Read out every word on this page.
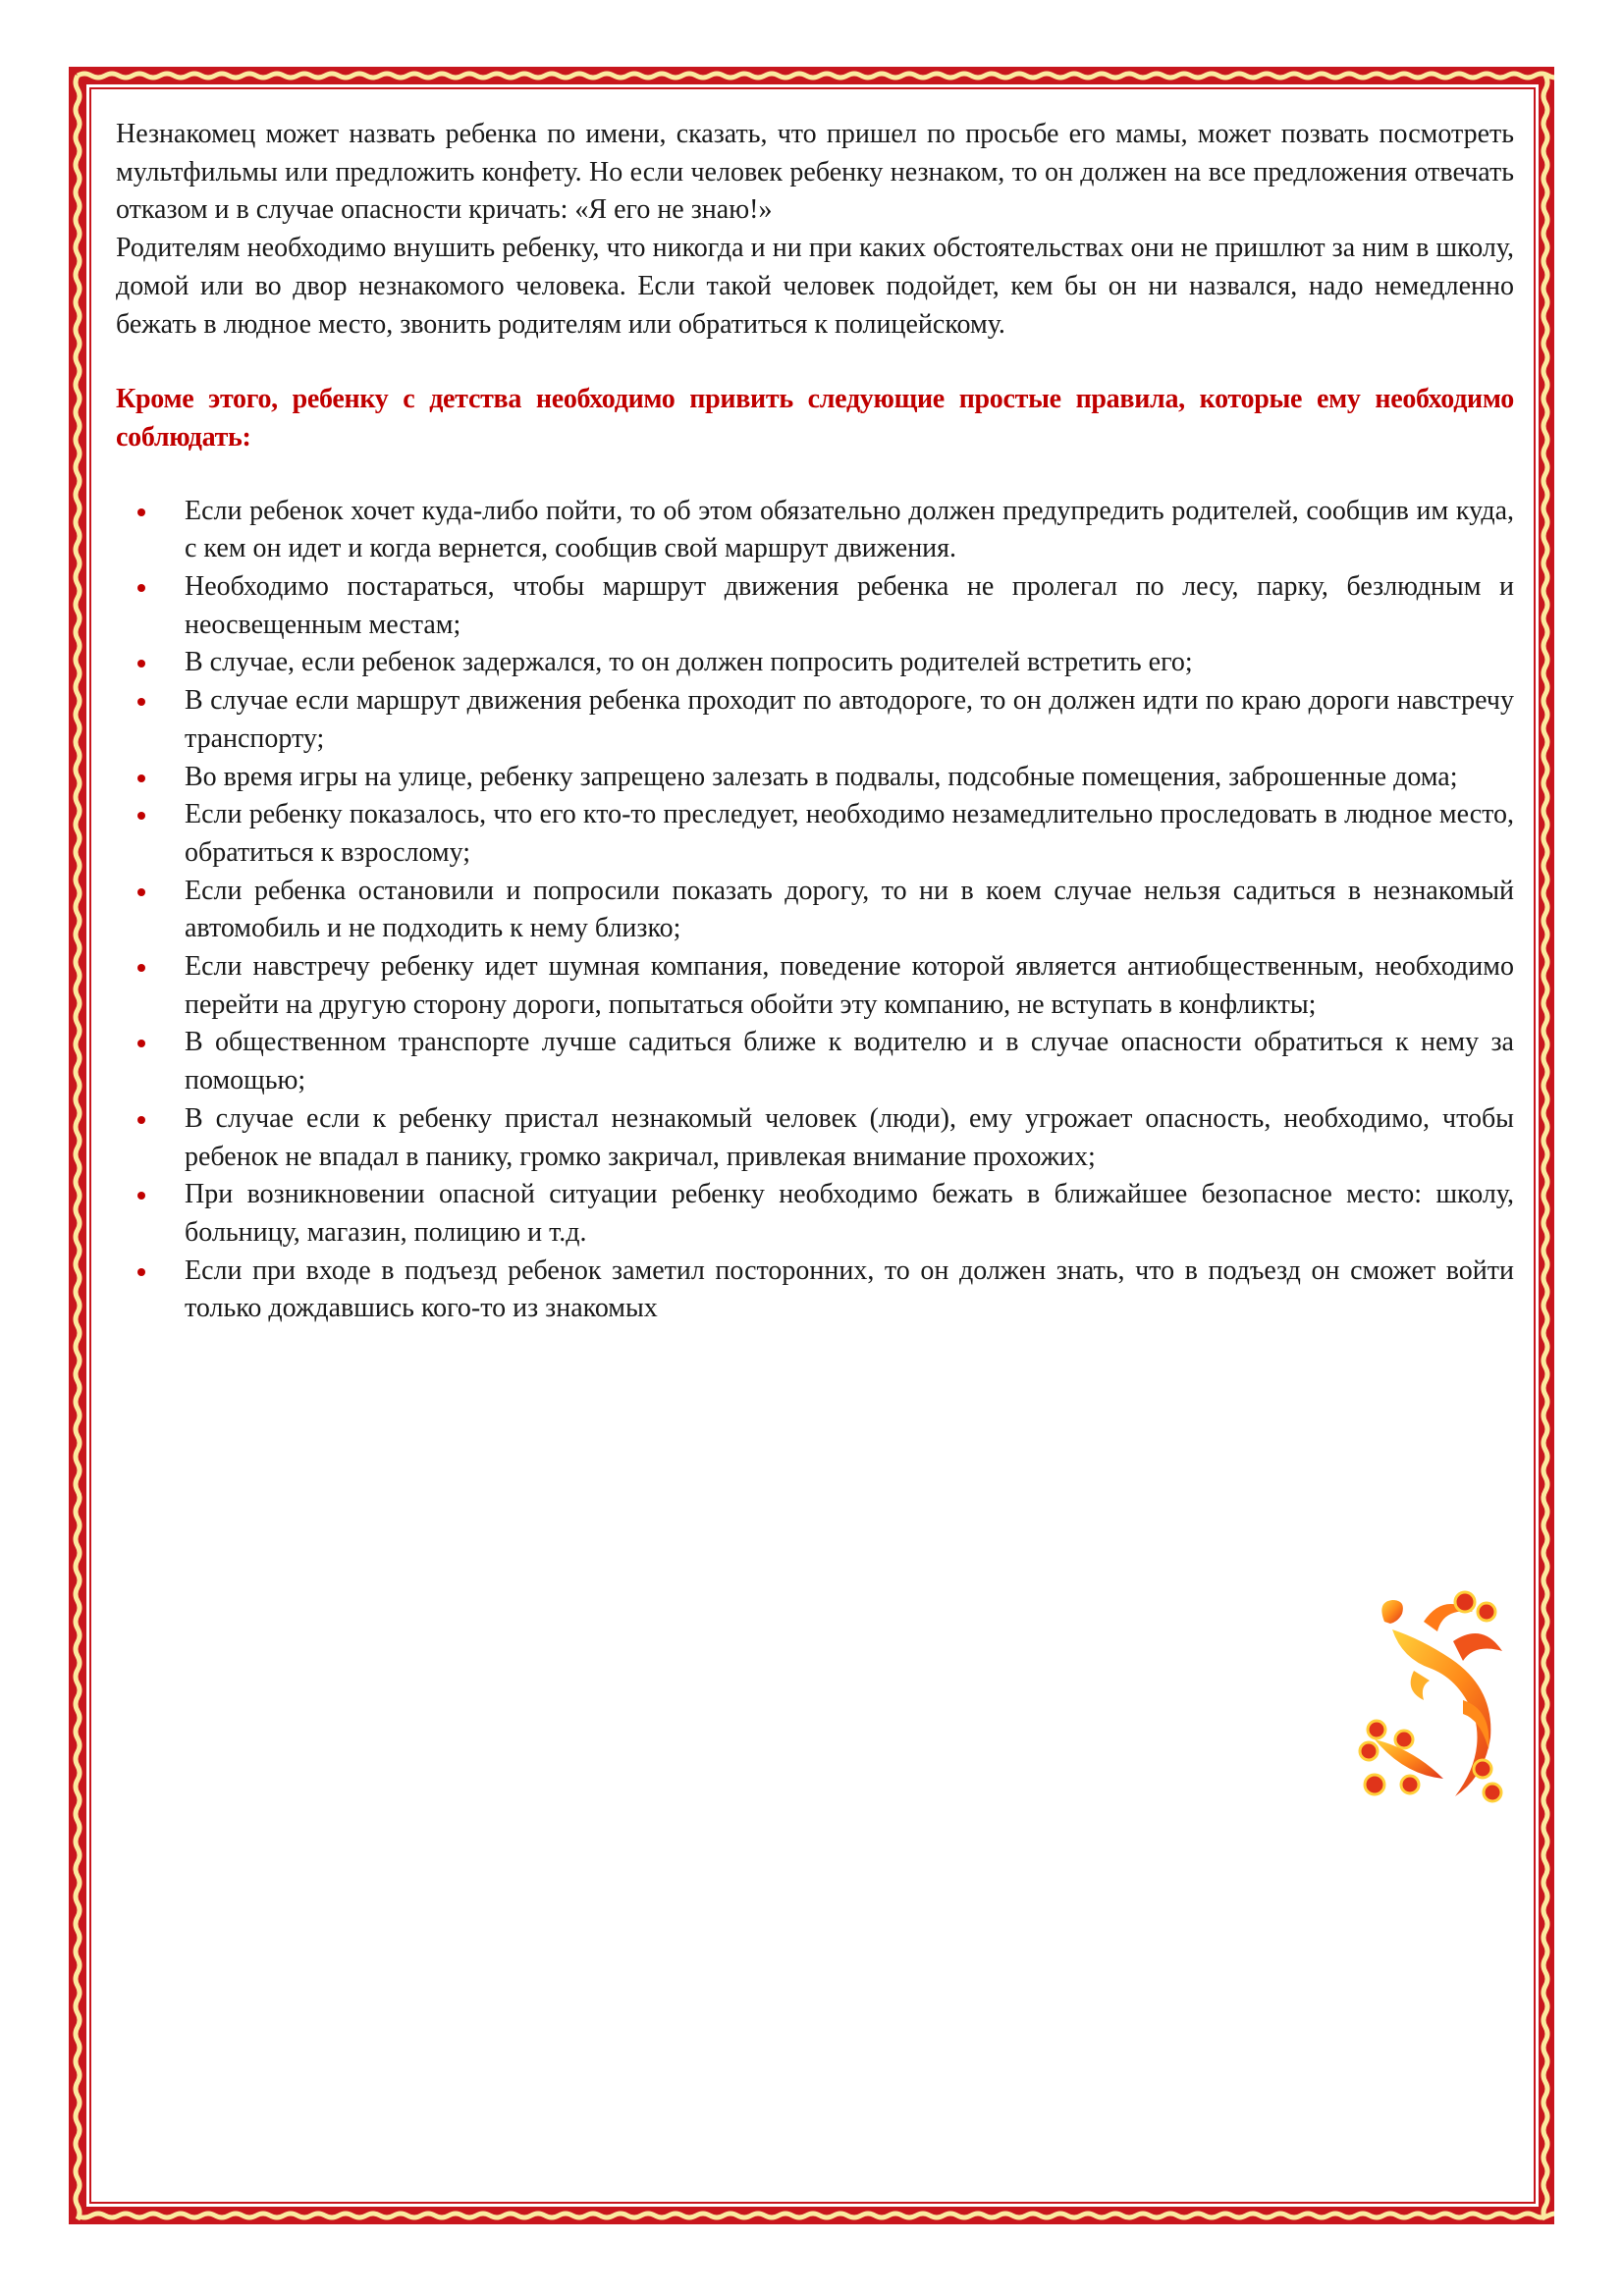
Незнакомец может назвать ребенка по имени, сказать, что пришел по просьбе его мамы, может позвать посмотреть мультфильмы или предложить конфету. Но если человек ребенку незнаком, то он должен на все предложения отвечать отказом и в случае опасности кричать: «Я его не знаю!»

Родителям необходимо внушить ребенку, что никогда и ни при каких обстоятельствах они не пришлют за ним в школу, домой или во двор незнакомого человека. Если такой человек подойдет, кем бы он ни назвался, надо немедленно бежать в людное место, звонить родителям или обратиться к полицейскому.

Кроме этого, ребенку с детства необходимо привить следующие простые правила, которые ему необходимо соблюдать:

Если ребенок хочет куда-либо пойти, то об этом обязательно должен предупредить родителей, сообщив им куда, с кем он идет и когда вернется, сообщив свой маршрут движения.
Необходимо постараться, чтобы маршрут движения ребенка не пролегал по лесу, парку, безлюдным и неосвещенным местам;
В случае, если ребенок задержался, то он должен попросить родителей встретить его;
В случае если маршрут движения ребенка проходит по автодороге, то он должен идти по краю дороги навстречу транспорту;
Во время игры на улице, ребенку запрещено залезать в подвалы, подсобные помещения, заброшенные дома;
Если ребенку показалось, что его кто-то преследует, необходимо незамедлительно проследовать в людное место, обратиться к взрослому;
Если ребенка остановили и попросили показать дорогу, то ни в коем случае нельзя садиться в незнакомый автомобиль и не подходить к нему близко;
Если навстречу ребенку идет шумная компания, поведение которой является антиобщественным, необходимо перейти на другую сторону дороги, попытаться обойти эту компанию, не вступать в конфликты;
В общественном транспорте лучше садиться ближе к водителю и в случае опасности обратиться к нему за помощью;
В случае если к ребенку пристал незнакомый человек (люди), ему угрожает опасность, необходимо, чтобы ребенок не впадал в панику, громко закричал, привлекая внимание прохожих;
При возникновении опасной ситуации ребенку необходимо бежать в ближайшее безопасное место: школу, больницу, магазин, полицию и т.д.
Если при входе в подъезд ребенок заметил посторонних, то он должен знать, что в подъезд он сможет войти только дождавшись кого-то из знакомых
